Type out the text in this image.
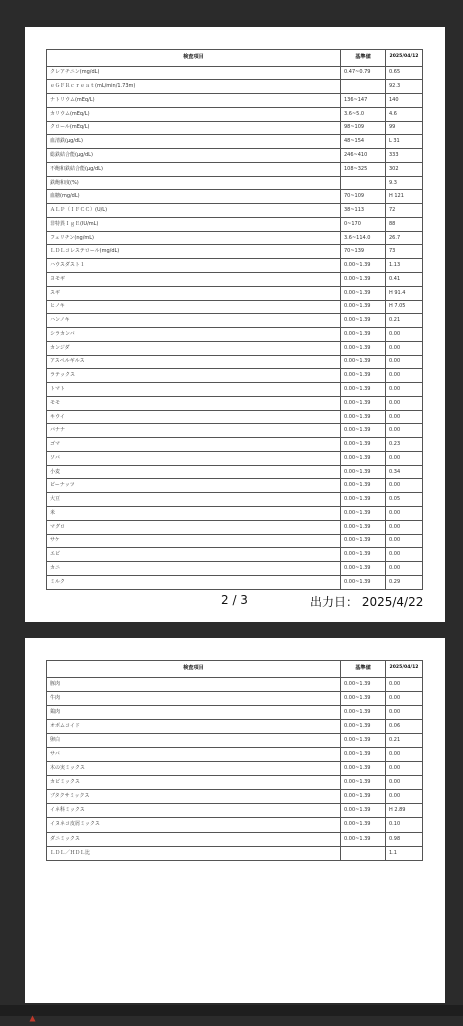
検査項目	基準値	2025/04/12
クレアチニン(mg/dL)	0.47~0.79	0.65
ｅＧＦＲｃｒｅａｔ(mL/min/1.73m)		92.3
ナトリウム(mEq/L)	136~147	140
カリウム(mEq/L)	3.6~5.0	4.6
クロール(mEq/L)	98~109	99
血清鉄(μg/dL)	48~154	L 31
総鉄結合能(μg/dL)	246~410	333
不飽和鉄結合能(μg/dL)	108~325	302
鉄飽和度(%)		9.3
血糖(mg/dL)	70~109	H 121
ＡＬＰ（ＩＦＣＣ）(U/L)	38~113	72
非特異ＩｇＥ(IU/mL)	0~170	88
フェリチン(ng/mL)	3.6~114.0	26.7
ＬＤＬコレステロール(mg/dL)	70~139	73
ハウスダスト１	0.00~1.39	1.13
ヨモギ	0.00~1.39	0.41
スギ	0.00~1.39	H 91.4
ヒノキ	0.00~1.39	H 7.05
ハンノキ	0.00~1.39	0.21
シラカンバ	0.00~1.39	0.00
カンジダ	0.00~1.39	0.00
アスペルギルス	0.00~1.39	0.00
ラテックス	0.00~1.39	0.00
トマト	0.00~1.39	0.00
モモ	0.00~1.39	0.00
キウイ	0.00~1.39	0.00
バナナ	0.00~1.39	0.00
ゴマ	0.00~1.39	0.23
ソバ	0.00~1.39	0.00
小麦	0.00~1.39	0.34
ピーナッツ	0.00~1.39	0.00
大豆	0.00~1.39	0.05
米	0.00~1.39	0.00
マグロ	0.00~1.39	0.00
サケ	0.00~1.39	0.00
エビ	0.00~1.39	0.00
カニ	0.00~1.39	0.00
ミルク	0.00~1.39	0.29
2 / 3	出力日： 2025/4/22
検査項目	基準値	2025/04/12
豚肉	0.00~1.39	0.00
牛肉	0.00~1.39	0.00
鶏肉	0.00~1.39	0.00
オボムコイド	0.00~1.39	0.06
卵白	0.00~1.39	0.21
サバ	0.00~1.39	0.00
木の実ミックス	0.00~1.39	0.00
カビミックス	0.00~1.39	0.00
ブタクサミックス	0.00~1.39	0.00
イネ科ミックス	0.00~1.39	H 2.89
イヌネコ皮屑ミックス	0.00~1.39	0.10
ダニミックス	0.00~1.39	0.98
ＬＤＬ／ＨＤＬ比		1.1
